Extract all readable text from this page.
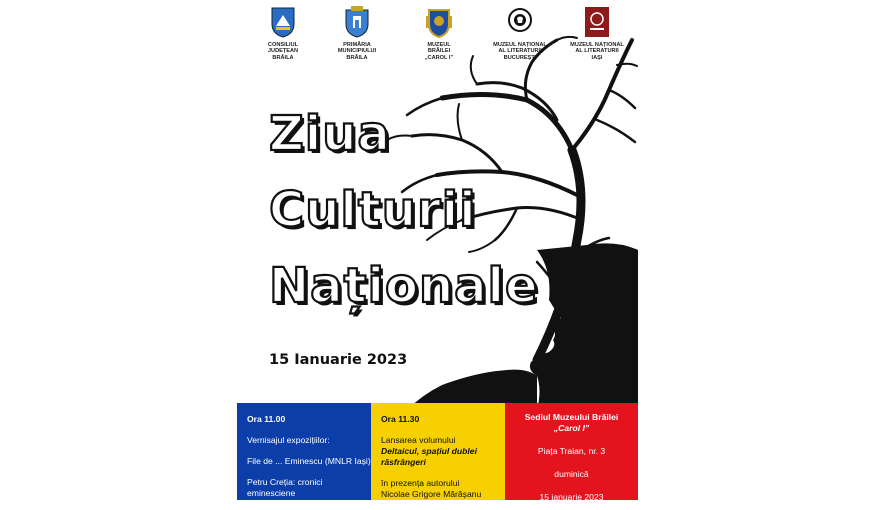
CONSILIUL
JUDEȚEAN
BRĂILA
PRIMĂRIA
MUNICIPIULUI
BRĂILA
MUZEUL
BRĂILEI
„CAROL I”
MUZEUL NAȚIONAL
AL LITERATURII
BUCUREȘTI
MUZEUL NAȚIONAL
AL LITERATURII
IAȘI
Ziua
Culturii
Naționale

15 Ianuarie 2023

Ora 11.00

Vernisajul expozițiilor:

File de ... Eminescu (MNLR Iași)

Petru Creția: cronici eminesciene

radio (MNLR București)

Ora 11.30

Lansarea volumului

Deltaicul, spațiul dublei

răsfrângeri

în prezența autorului

Nicolae Grigore Mărășanu

Sediul Muzeului Brăilei

„Carol I”

Piața Traian, nr. 3

duminică

15 ianuarie 2023
